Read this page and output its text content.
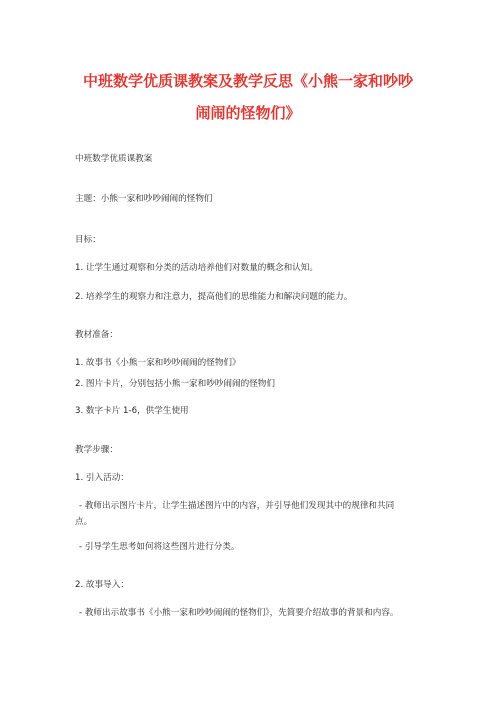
中班数学优质课教案及教学反思《小熊一家和吵吵
闹闹的怪物们》
中班数学优质课教案
主题：小熊一家和吵吵闹闹的怪物们
目标：
1. 让学生通过观察和分类的活动培养他们对数量的概念和认知。
2. 培养学生的观察力和注意力，提高他们的思维能力和解决问题的能力。
教材准备：
1. 故事书《小熊一家和吵吵闹闹的怪物们》
2. 图片卡片，分别包括小熊一家和吵吵闹闹的怪物们
3. 数字卡片 1-6，供学生使用
教学步骤：
1. 引入活动：
- 教师出示图片卡片，让学生描述图片中的内容，并引导他们发现其中的规律和共同
点。
- 引导学生思考如何将这些图片进行分类。
2. 故事导入：
- 教师出示故事书《小熊一家和吵吵闹闹的怪物们》，先简要介绍故事的背景和内容。
